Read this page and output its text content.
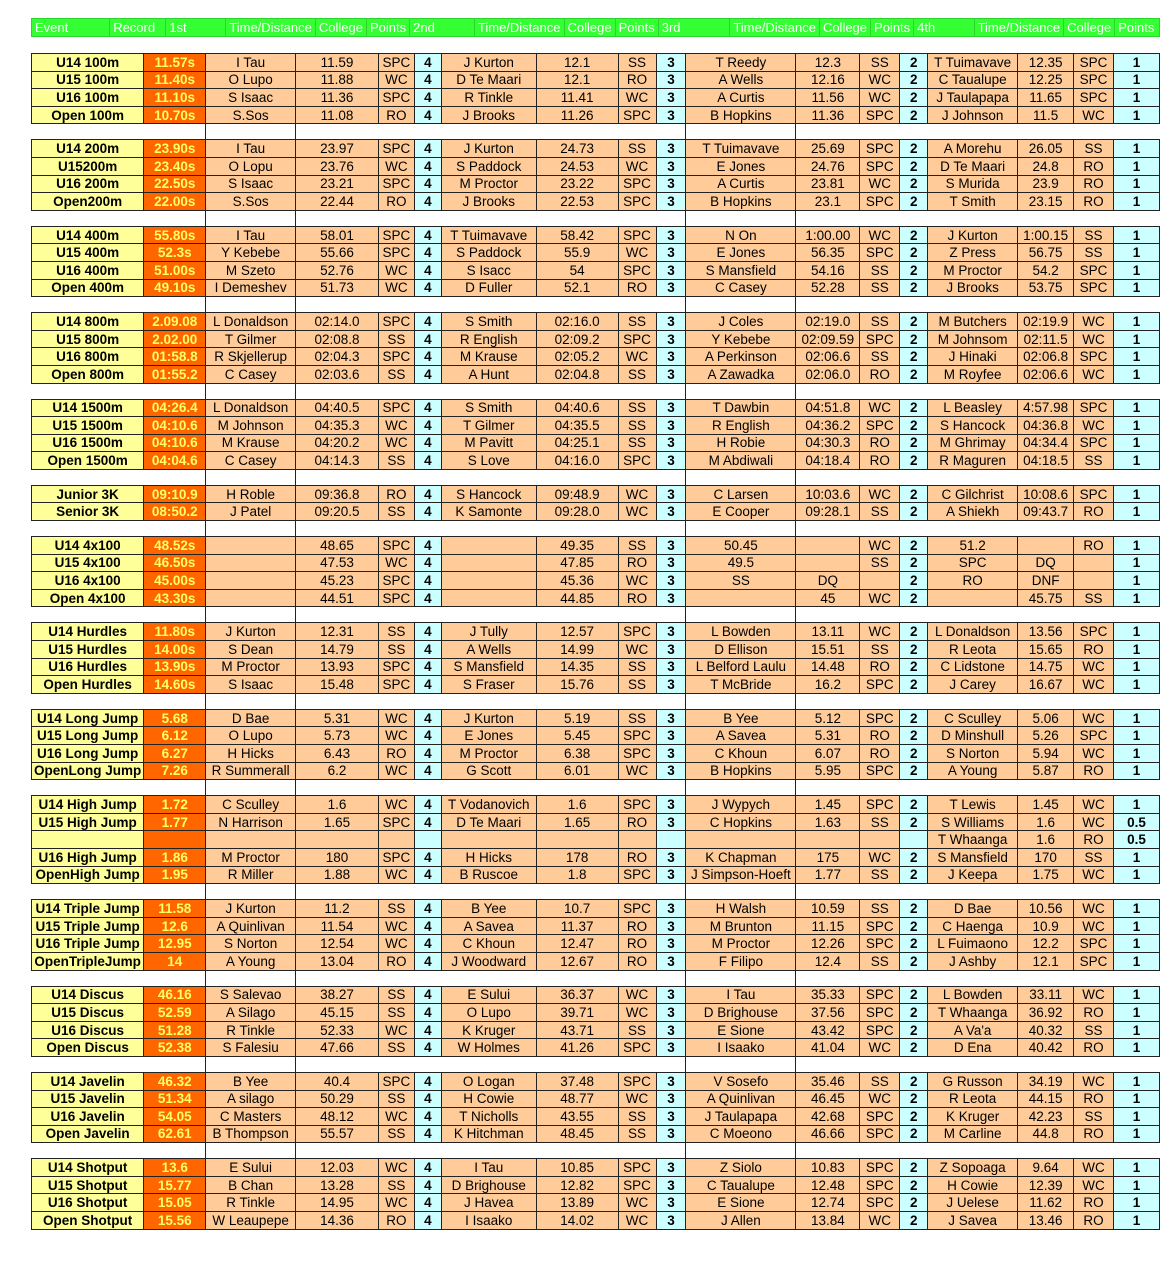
Event	Record	1st	Time/Distance	College	Points	2nd	Time/Distance	College	Points	3rd	Time/Distance	College	Points	4th	Time/Distance	College	Points
U14 100m	11.57s	I Tau	11.59	SPC	4	J Kurton	12.1	SS	3	T Reedy	12.3	SS	2	T Tuimavave	12.35	SPC	1
U15 100m	11.40s	O Lupo	11.88	WC	4	D Te Maari	12.1	RO	3	A Wells	12.16	WC	2	C Taualupe	12.25	SPC	1
U16 100m	11.10s	S Isaac	11.36	SPC	4	R Tinkle	11.41	WC	3	A Curtis	11.56	WC	2	J Taulapapa	11.65	SPC	1
Open 100m	10.70s	S.Sos	11.08	RO	4	J Brooks	11.26	SPC	3	B Hopkins	11.36	SPC	2	J Johnson	11.5	WC	1

U14 200m	23.90s	I Tau	23.97	SPC	4	J Kurton	24.73	SS	3	T Tuimavave	25.69	SPC	2	A Morehu	26.05	SS	1
U15200m	23.40s	O Lopu	23.76	WC	4	S Paddock	24.53	WC	3	E Jones	24.76	SPC	2	D Te Maari	24.8	RO	1
U16 200m	22.50s	S Isaac	23.21	SPC	4	M Proctor	23.22	SPC	3	A Curtis	23.81	WC	2	S Murida	23.9	RO	1
Open200m	22.00s	S.Sos	22.44	RO	4	J Brooks	22.53	SPC	3	B Hopkins	23.1	SPC	2	T Smith	23.15	RO	1

U14 400m	55.80s	I Tau	58.01	SPC	4	T Tuimavave	58.42	SPC	3	N On	1:00.00	WC	2	J Kurton	1:00.15	SS	1
U15 400m	52.3s	Y Kebebe	55.66	SPC	4	S Paddock	55.9	WC	3	E Jones	56.35	SPC	2	Z Press	56.75	SS	1
U16 400m	51.00s	M Szeto	52.76	WC	4	S Isacc	54	SPC	3	S Mansfield	54.16	SS	2	M Proctor	54.2	SPC	1
Open 400m	49.10s	I Demeshev	51.73	WC	4	D Fuller	52.1	RO	3	C Casey	52.28	SS	2	J Brooks	53.75	SPC	1

U14 800m	2.09.08	L Donaldson	02:14.0	SPC	4	S Smith	02:16.0	SS	3	J Coles	02:19.0	SS	2	M Butchers	02:19.9	WC	1
U15 800m	2.02.00	T Gilmer	02:08.8	SS	4	R English	02:09.2	SPC	3	Y Kebebe	02:09.59	SPC	2	M Johnsom	02:11.5	WC	1
U16 800m	01:58.8	R Skjellerup	02:04.3	SPC	4	M Krause	02:05.2	WC	3	A Perkinson	02:06.6	SS	2	J Hinaki	02:06.8	SPC	1
Open 800m	01:55.2	C Casey	02:03.6	SS	4	A Hunt	02:04.8	SS	3	A Zawadka	02:06.0	RO	2	M Royfee	02:06.6	WC	1

U14 1500m	04:26.4	L Donaldson	04:40.5	SPC	4	S Smith	04:40.6	SS	3	T Dawbin	04:51.8	WC	2	L Beasley	4:57.98	SPC	1
U15 1500m	04:10.6	M Johnson	04:35.3	WC	4	T Gilmer	04:35.5	SS	3	R English	04:36.2	SPC	2	S Hancock	04:36.8	WC	1
U16 1500m	04:10.6	M Krause	04:20.2	WC	4	M Pavitt	04:25.1	SS	3	H Robie	04:30.3	RO	2	M Ghrimay	04:34.4	SPC	1
Open 1500m	04:04.6	C Casey	04:14.3	SS	4	S Love	04:16.0	SPC	3	M Abdiwali	04:18.4	RO	2	R Maguren	04:18.5	SS	1

Junior 3K	09:10.9	H Roble	09:36.8	RO	4	S Hancock	09:48.9	WC	3	C Larsen	10:03.6	WC	2	C Gilchrist	10:08.6	SPC	1
Senior 3K	08:50.2	J Patel	09:20.5	SS	4	K Samonte	09:28.0	WC	3	E Cooper	09:28.1	SS	2	A Shiekh	09:43.7	RO	1

U14 4x100	48.52s		48.65	SPC	4		49.35	SS	3	50.45		WC	2	51.2		RO	1
U15 4x100	46.50s		47.53	WC	4		47.85	RO	3	49.5		SS	2	SPC	DQ		1
U16 4x100	45.00s		45.23	SPC	4		45.36	WC	3	SS	DQ		2	RO	DNF		1
Open 4x100	43.30s		44.51	SPC	4		44.85	RO	3		45	WC	2		45.75	SS	1

U14 Hurdles	11.80s	J Kurton	12.31	SS	4	J Tully	12.57	SPC	3	L Bowden	13.11	WC	2	L Donaldson	13.56	SPC	1
U15 Hurdles	14.00s	S Dean	14.79	SS	4	A Wells	14.99	WC	3	D Ellison	15.51	SS	2	R Leota	15.65	RO	1
U16 Hurdles	13.90s	M Proctor	13.93	SPC	4	S Mansfield	14.35	SS	3	L Belford Laulu	14.48	RO	2	C Lidstone	14.75	WC	1
Open Hurdles	14.60s	S Isaac	15.48	SPC	4	S Fraser	15.76	SS	3	T McBride	16.2	SPC	2	J Carey	16.67	WC	1

U14 Long Jump	5.68	D Bae	5.31	WC	4	J Kurton	5.19	SS	3	B Yee	5.12	SPC	2	C Sculley	5.06	WC	1
U15 Long Jump	6.12	O Lupo	5.73	WC	4	E Jones	5.45	SPC	3	A Savea	5.31	RO	2	D Minshull	5.26	SPC	1
U16 Long Jump	6.27	H Hicks	6.43	RO	4	M Proctor	6.38	SPC	3	C Khoun	6.07	RO	2	S Norton	5.94	WC	1
OpenLong Jump	7.26	R Summerall	6.2	WC	4	G Scott	6.01	WC	3	B Hopkins	5.95	SPC	2	A Young	5.87	RO	1

U14 High Jump	1.72	C Sculley	1.6	WC	4	T Vodanovich	1.6	SPC	3	J Wypych	1.45	SPC	2	T Lewis	1.45	WC	1
U15 High Jump	1.77	N Harrison	1.65	SPC	4	D Te Maari	1.65	RO	3	C Hopkins	1.63	SS	2	S Williams	1.6	WC	0.5
														T Whaanga	1.6	RO	0.5
U16 High Jump	1.86	M Proctor	180	SPC	4	H Hicks	178	RO	3	K Chapman	175	WC	2	S Mansfield	170	SS	1
OpenHigh Jump	1.95	R Miller	1.88	WC	4	B Ruscoe	1.8	SPC	3	J Simpson-Hoeft	1.77	SS	2	J Keepa	1.75	WC	1

U14 Triple Jump	11.58	J Kurton	11.2	SS	4	B Yee	10.7	SPC	3	H Walsh	10.59	SS	2	D Bae	10.56	WC	1
U15 Triple Jump	12.6	A Quinlivan	11.54	WC	4	A Savea	11.37	RO	3	M Brunton	11.15	SPC	2	C Haenga	10.9	WC	1
U16 Triple Jump	12.95	S Norton	12.54	WC	4	C Khoun	12.47	RO	3	M Proctor	12.26	SPC	2	L Fuimaono	12.2	SPC	1
OpenTripleJump	14	A Young	13.04	RO	4	J Woodward	12.67	RO	3	F Filipo	12.4	SS	2	J Ashby	12.1	SPC	1

U14 Discus	46.16	S Salevao	38.27	SS	4	E Sului	36.37	WC	3	I Tau	35.33	SPC	2	L Bowden	33.11	WC	1
U15 Discus	52.59	A Silago	45.15	SS	4	O Lupo	39.71	WC	3	D Brighouse	37.56	SPC	2	T Whaanga	36.92	RO	1
U16 Discus	51.28	R Tinkle	52.33	WC	4	K Kruger	43.71	SS	3	E Sione	43.42	SPC	2	A Va'a	40.32	SS	1
Open Discus	52.38	S Falesiu	47.66	SS	4	W Holmes	41.26	SPC	3	I Isaako	41.04	WC	2	D Ena	40.42	RO	1

U14 Javelin	46.32	B Yee	40.4	SPC	4	O Logan	37.48	SPC	3	V Sosefo	35.46	SS	2	G Russon	34.19	WC	1
U15 Javelin	51.34	A silago	50.29	SS	4	H Cowie	48.77	WC	3	A Quinlivan	46.45	WC	2	R Leota	44.15	RO	1
U16 Javelin	54.05	C Masters	48.12	WC	4	T Nicholls	43.55	SS	3	J Taulapapa	42.68	SPC	2	K Kruger	42.23	SS	1
Open Javelin	62.61	B Thompson	55.57	SS	4	K Hitchman	48.45	SS	3	C Moeono	46.66	SPC	2	M Carline	44.8	RO	1

U14 Shotput	13.6	E Sului	12.03	WC	4	I Tau	10.85	SPC	3	Z Siolo	10.83	SPC	2	Z Sopoaga	9.64	WC	1
U15 Shotput	15.77	B Chan	13.28	SS	4	D Brighouse	12.82	SPC	3	C Taualupe	12.48	SPC	2	H Cowie	12.39	WC	1
U16 Shotput	15.05	R Tinkle	14.95	WC	4	J Havea	13.89	WC	3	E Sione	12.74	SPC	2	J Uelese	11.62	RO	1
Open Shotput	15.56	W Leaupepe	14.36	RO	4	I Isaako	14.02	WC	3	J Allen	13.84	WC	2	J Savea	13.46	RO	1
